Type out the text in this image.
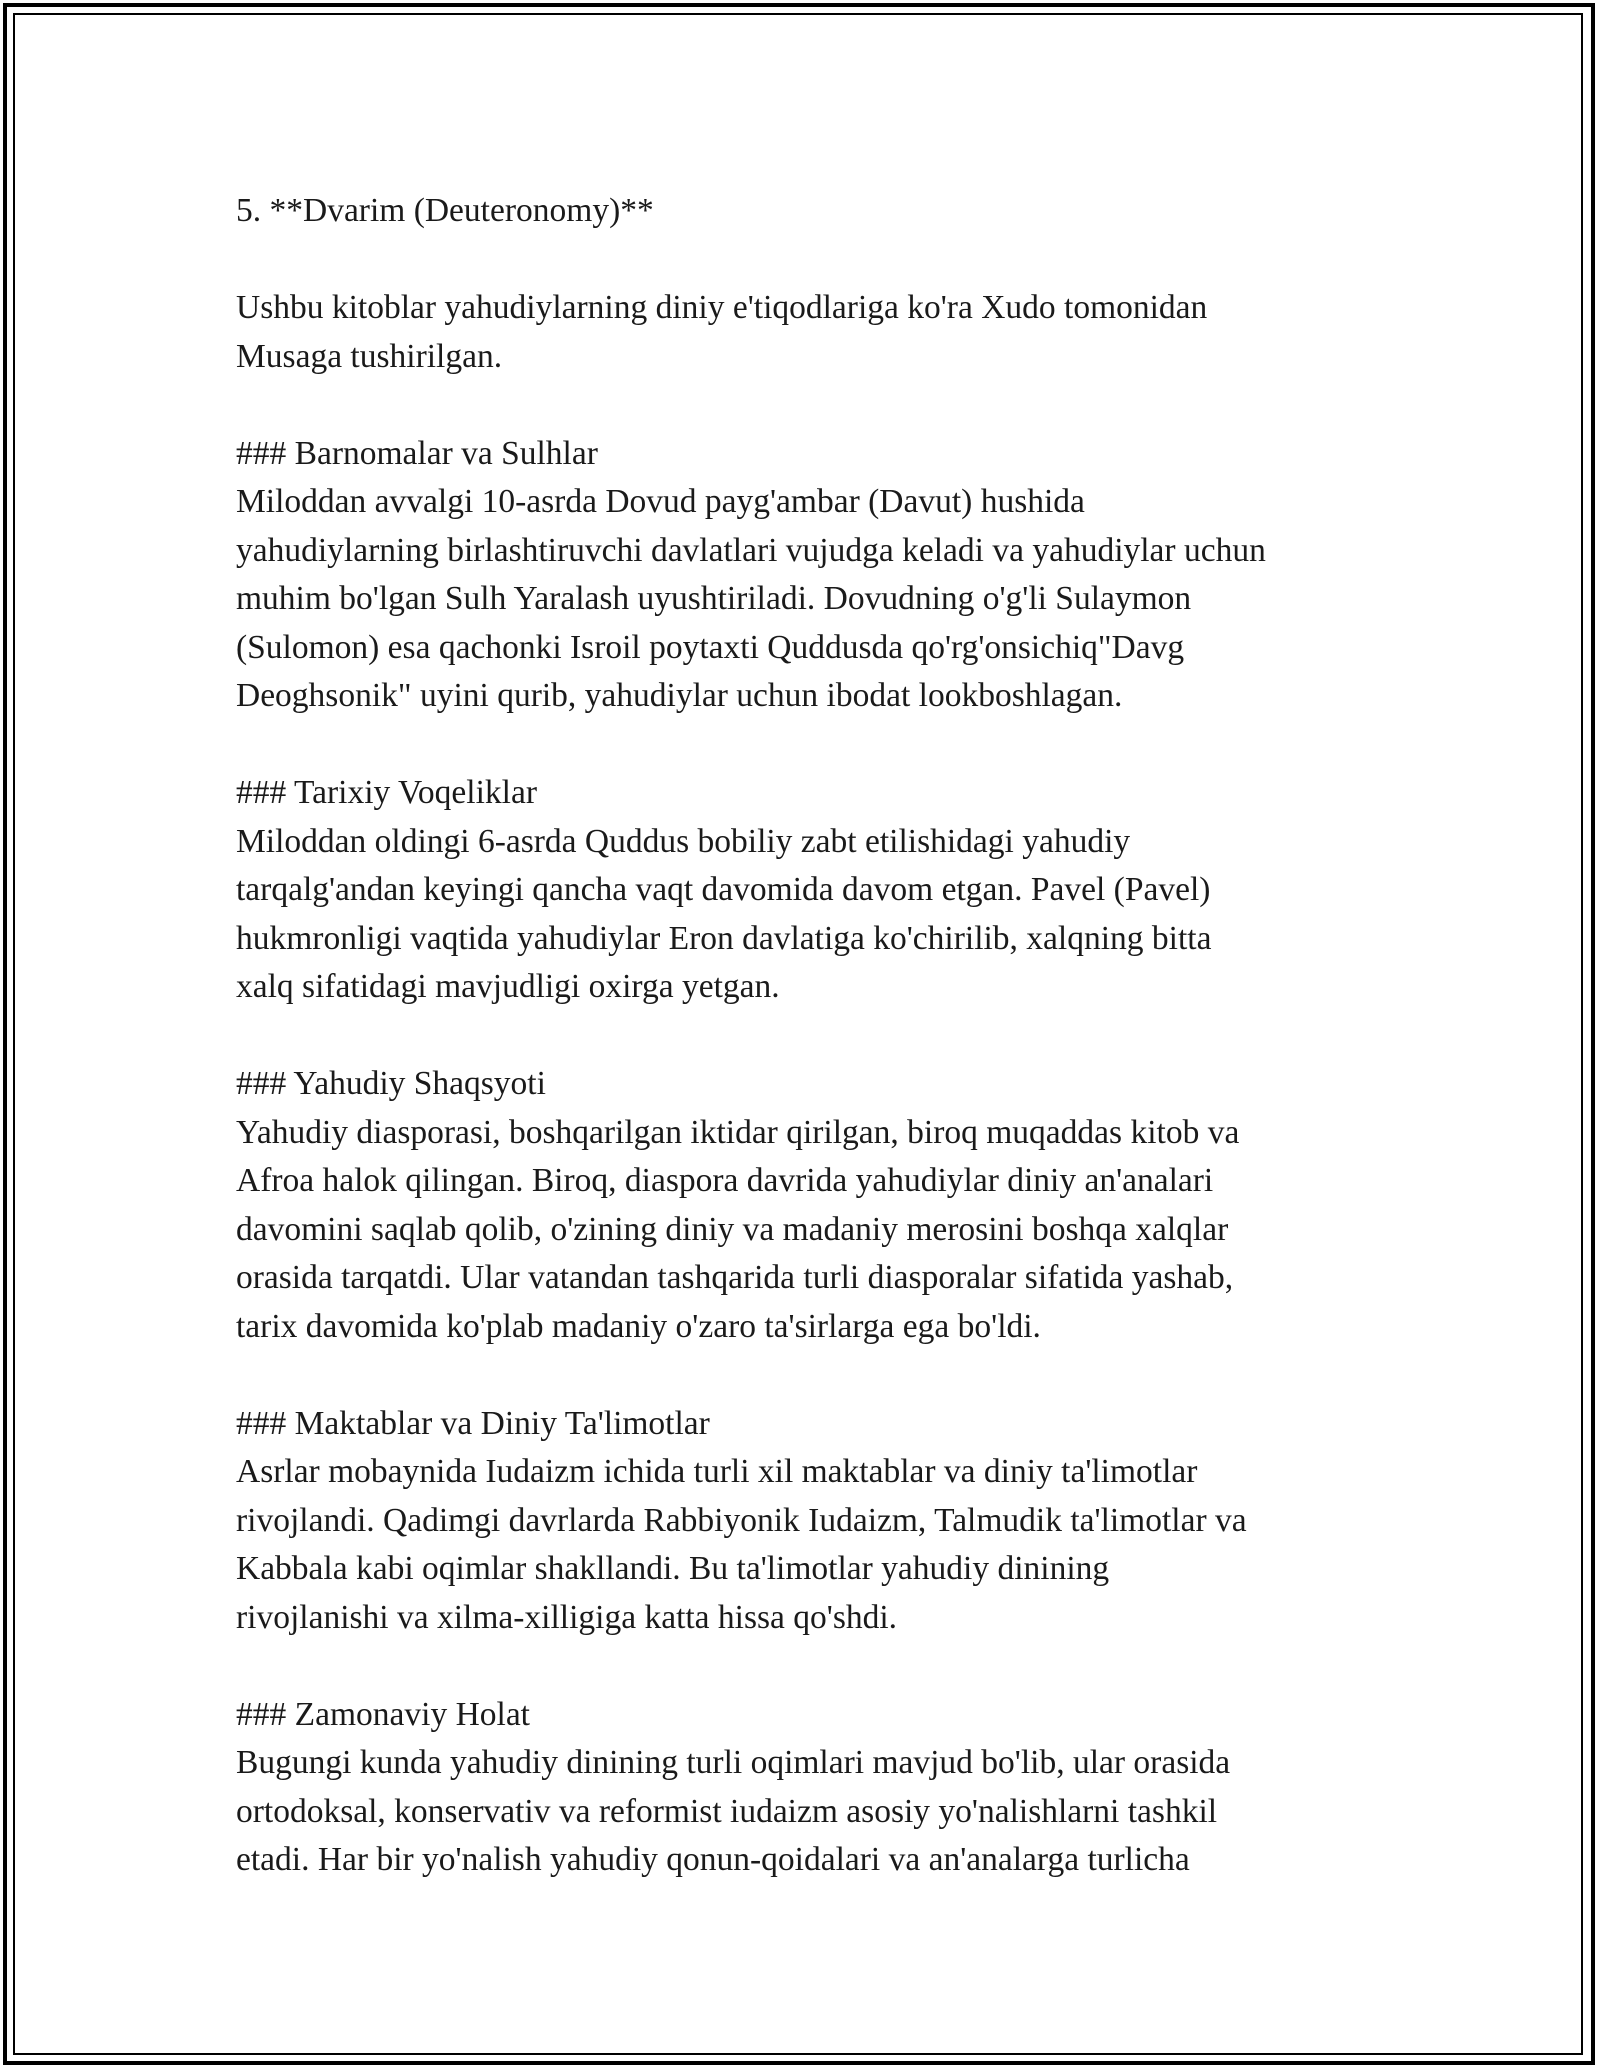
5. **Dvarim (Deuteronomy)**

Ushbu kitoblar yahudiylarning diniy e'tiqodlariga ko'ra Xudo tomonidan
Musaga tushirilgan.

### Barnomalar va Sulhlar

Miloddan avvalgi 10-asrda Dovud payg'ambar (Davut) hushida
yahudiylarning birlashtiruvchi davlatlari vujudga keladi va yahudiylar uchun
muhim bo'lgan Sulh Yaralash uyushtiriladi. Dovudning o'g'li Sulaymon
(Sulomon) esa qachonki Isroil poytaxti Quddusda qo'rg'onsichiq"Davg
Deoghsonik" uyini qurib, yahudiylar uchun ibodat lookboshlagan.

### Tarixiy Voqeliklar

Miloddan oldingi 6-asrda Quddus bobiliy zabt etilishidagi yahudiy
tarqalg'andan keyingi qancha vaqt davomida davom etgan. Pavel (Pavel)
hukmronligi vaqtida yahudiylar Eron davlatiga ko'chirilib, xalqning bitta
xalq sifatidagi mavjudligi oxirga yetgan.

### Yahudiy Shaqsyoti

Yahudiy diasporasi, boshqarilgan iktidar qirilgan, biroq muqaddas kitob va
Afroa halok qilingan. Biroq, diaspora davrida yahudiylar diniy an'analari
davomini saqlab qolib, o'zining diniy va madaniy merosini boshqa xalqlar
orasida tarqatdi. Ular vatandan tashqarida turli diasporalar sifatida yashab,
tarix davomida ko'plab madaniy o'zaro ta'sirlarga ega bo'ldi.

### Maktablar va Diniy Ta'limotlar

Asrlar mobaynida Iudaizm ichida turli xil maktablar va diniy ta'limotlar
rivojlandi. Qadimgi davrlarda Rabbiyonik Iudaizm, Talmudik ta'limotlar va
Kabbala kabi oqimlar shakllandi. Bu ta'limotlar yahudiy dinining
rivojlanishi va xilma-xilligiga katta hissa qo'shdi.

### Zamonaviy Holat

Bugungi kunda yahudiy dinining turli oqimlari mavjud bo'lib, ular orasida
ortodoksal, konservativ va reformist iudaizm asosiy yo'nalishlarni tashkil
etadi. Har bir yo'nalish yahudiy qonun-qoidalari va an'analarga turlicha
